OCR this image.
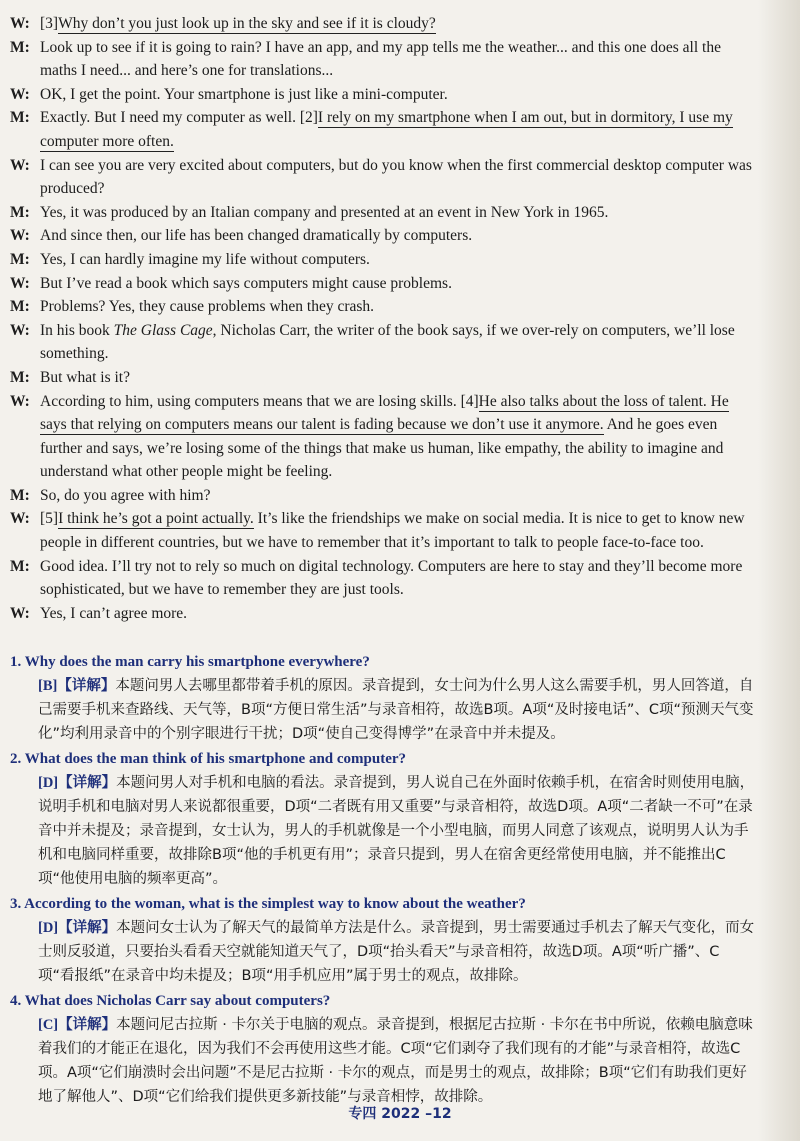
W: [3]Why don’t you just look up in the sky and see if it is cloudy?
M: Look up to see if it is going to rain? I have an app, and my app tells me the weather... and this one does all the maths I need... and here’s one for translations...
W: OK, I get the point. Your smartphone is just like a mini-computer.
M: Exactly. But I need my computer as well. [2]I rely on my smartphone when I am out, but in dormitory, I use my computer more often.
W: I can see you are very excited about computers, but do you know when the first commercial desktop computer was produced?
M: Yes, it was produced by an Italian company and presented at an event in New York in 1965.
W: And since then, our life has been changed dramatically by computers.
M: Yes, I can hardly imagine my life without computers.
W: But I’ve read a book which says computers might cause problems.
M: Problems? Yes, they cause problems when they crash.
W: In his book The Glass Cage, Nicholas Carr, the writer of the book says, if we over-rely on computers, we’ll lose something.
M: But what is it?
W: According to him, using computers means that we are losing skills. [4]He also talks about the loss of talent. He says that relying on computers means our talent is fading because we don’t use it anymore. And he goes even further and says, we’re losing some of the things that make us human, like empathy, the ability to imagine and understand what other people might be feeling.
M: So, do you agree with him?
W: [5]I think he’s got a point actually. It’s like the friendships we make on social media. It is nice to get to know new people in different countries, but we have to remember that it’s important to talk to people face-to-face too.
M: Good idea. I’ll try not to rely so much on digital technology. Computers are here to stay and they’ll become more sophisticated, but we have to remember they are just tools.
W: Yes, I can’t agree more.
1. Why does the man carry his smartphone everywhere?
[B]【详解】本题问男人去哪里都带着手机的原因。录音提到，女士问为什么男人这么需要手机，男人回答道，自己需要手机来查路线、天气等，B项“方便日常生活”与录音相符，故选B项。A项“及时接电话”、C项“预测天气变化”均利用录音中的个别字眼进行干扰；D项“使自己变得博学”在录音中并未提及。
2. What does the man think of his smartphone and computer?
[D]【详解】本题问男人对手机和电脑的看法。录音提到，男人说自己在外面时依赖手机，在宿舍时则使用电脑，说明手机和电脑对男人来说都很重要，D项“二者既有用又重要”与录音相符，故选D项。A项“二者缺一不可”在录音中并未提及；录音提到，女士认为，男人的手机就像是一个小型电脑，而男人同意了该观点，说明男人认为手机和电脑同样重要，故排除B项“他的手机更有用”；录音只提到，男人在宿舍更经常使用电脑，并不能推出C项“他使用电脑的频率更高”。
3. According to the woman, what is the simplest way to know about the weather?
[D]【详解】本题问女士认为了解天气的最简单方法是什么。录音提到，男士需要通过手机去了解天气变化，而女士则反驳道，只要抬头看看天空就能知道天气了，D项“抬头看天”与录音相符，故选D项。A项“听广播”、C项“看报纸”在录音中均未提及；B项“用手机应用”属于男士的观点，故排除。
4. What does Nicholas Carr say about computers?
[C]【详解】本题问尼古拉斯 · 卡尔关于电脑的观点。录音提到，根据尼古拉斯 · 卡尔在书中所说，依赖电脑意味着我们的才能正在退化，因为我们不会再使用这些才能。C项“它们剥夺了我们现有的才能”与录音相符，故选C项。A项“它们崩溃时会出问题”不是尼古拉斯 · 卡尔的观点，而是男士的观点，故排除；B项“它们有助我们更好地了解他人”、D项“它们给我们提供更多新技能”与录音相悖，故排除。
专四 2022 –12
